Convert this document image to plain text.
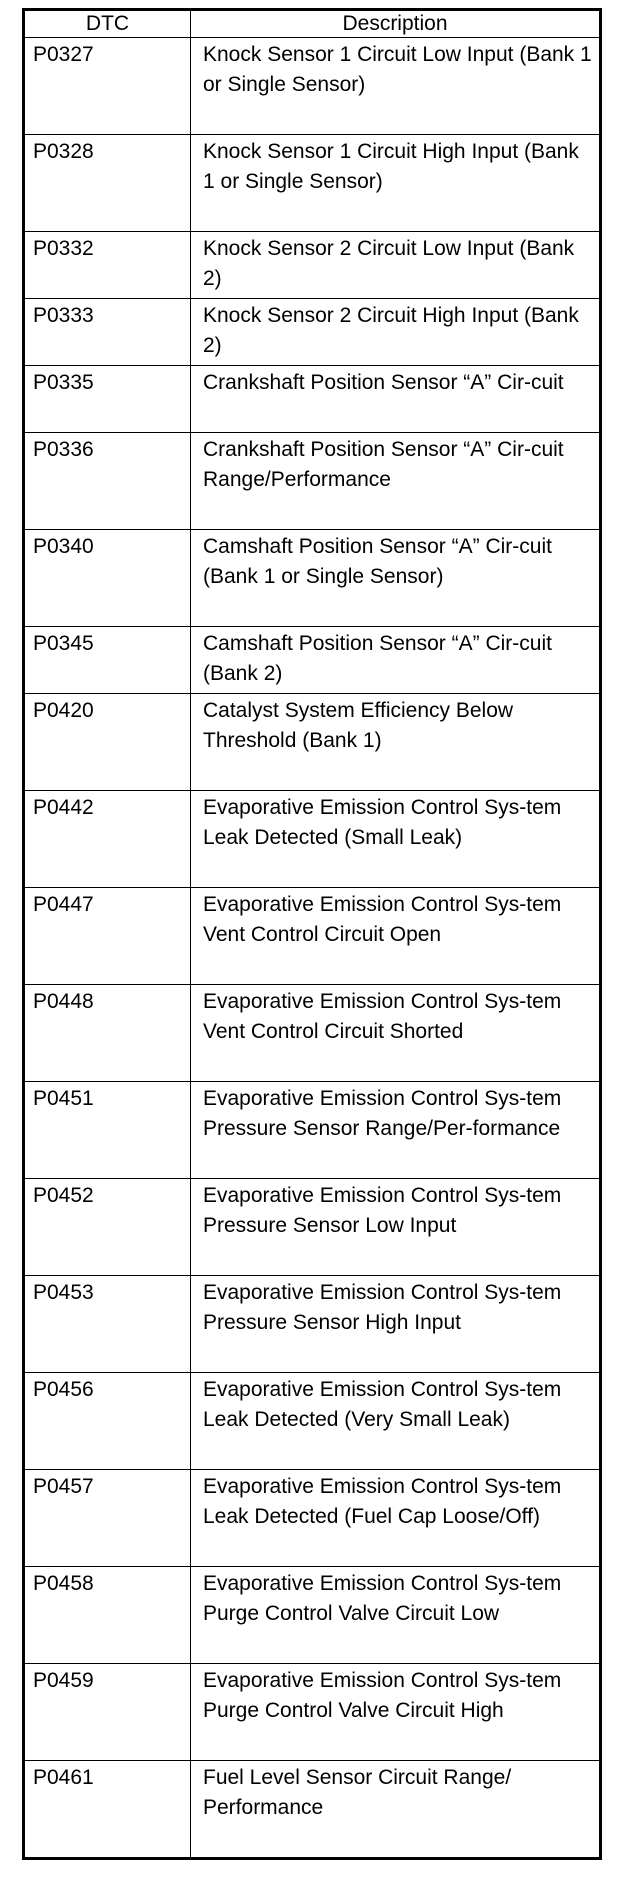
DTC	Description
P0327	Knock Sensor 1 Circuit Low Input (Bank 1 or Single Sensor)
P0328	Knock Sensor 1 Circuit High Input (Bank 1 or Single Sensor)
P0332	Knock Sensor 2 Circuit Low Input (Bank 2)
P0333	Knock Sensor 2 Circuit High Input (Bank 2)
P0335	Crankshaft Position Sensor “A” Cir-cuit
P0336	Crankshaft Position Sensor “A” Cir-cuit Range/Performance
P0340	Camshaft Position Sensor “A” Cir-cuit (Bank 1 or Single Sensor)
P0345	Camshaft Position Sensor “A” Cir-cuit (Bank 2)
P0420	Catalyst System Efficiency Below Threshold (Bank 1)
P0442	Evaporative Emission Control Sys-tem Leak Detected (Small Leak)
P0447	Evaporative Emission Control Sys-tem Vent Control Circuit Open
P0448	Evaporative Emission Control Sys-tem Vent Control Circuit Shorted
P0451	Evaporative Emission Control Sys-tem Pressure Sensor Range/Per-formance
P0452	Evaporative Emission Control Sys-tem Pressure Sensor Low Input
P0453	Evaporative Emission Control Sys-tem Pressure Sensor High Input
P0456	Evaporative Emission Control Sys-tem Leak Detected (Very Small Leak)
P0457	Evaporative Emission Control Sys-tem Leak Detected (Fuel Cap Loose/Off)
P0458	Evaporative Emission Control Sys-tem Purge Control Valve Circuit Low
P0459	Evaporative Emission Control Sys-tem Purge Control Valve Circuit High
P0461	Fuel Level Sensor Circuit Range/ Performance
